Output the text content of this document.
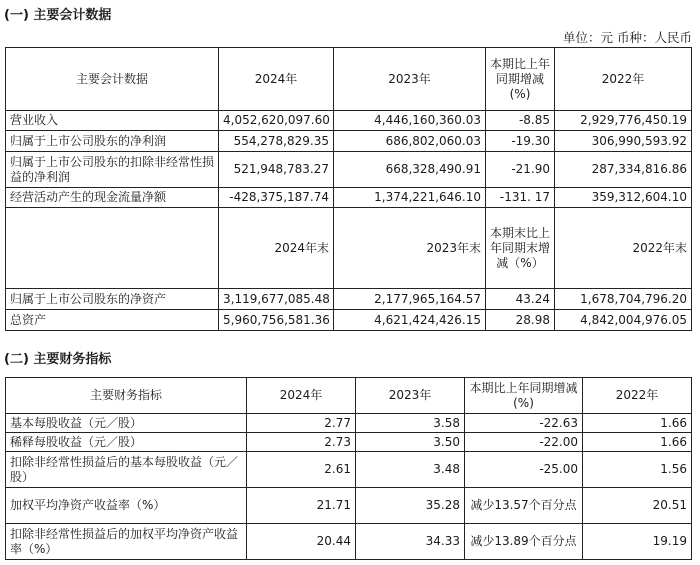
(一) 主要会计数据
单位：元 币种：人民币
主要会计数据	2024年	2023年	本期比上年同期增减(%)	2022年
营业收入	4,052,620,097.60	4,446,160,360.03	-8.85	2,929,776,450.19
归属于上市公司股东的净利润	554,278,829.35	686,802,060.03	-19.30	306,990,593.92
归属于上市公司股东的扣除非经常性损益的净利润	521,948,783.27	668,328,490.91	-21.90	287,334,816.86
经营活动产生的现金流量净额	-428,375,187.74	1,374,221,646.10	-131. 17	359,312,604.10
	2024年末	2023年末	本期末比上年同期末增减（%）	2022年末
归属于上市公司股东的净资产	3,119,677,085.48	2,177,965,164.57	43.24	1,678,704,796.20
总资产	5,960,756,581.36	4,621,424,426.15	28.98	4,842,004,976.05
(二) 主要财务指标
主要财务指标	2024年	2023年	本期比上年同期增减(%)	2022年
基本每股收益（元／股）	2.77	3.58	-22.63	1.66
稀释每股收益（元／股）	2.73	3.50	-22.00	1.66
扣除非经常性损益后的基本每股收益（元／股）	2.61	3.48	-25.00	1.56
加权平均净资产收益率（%）	21.71	35.28	减少13.57个百分点	20.51
扣除非经常性损益后的加权平均净资产收益率（%）	20.44	34.33	减少13.89个百分点	19.19
